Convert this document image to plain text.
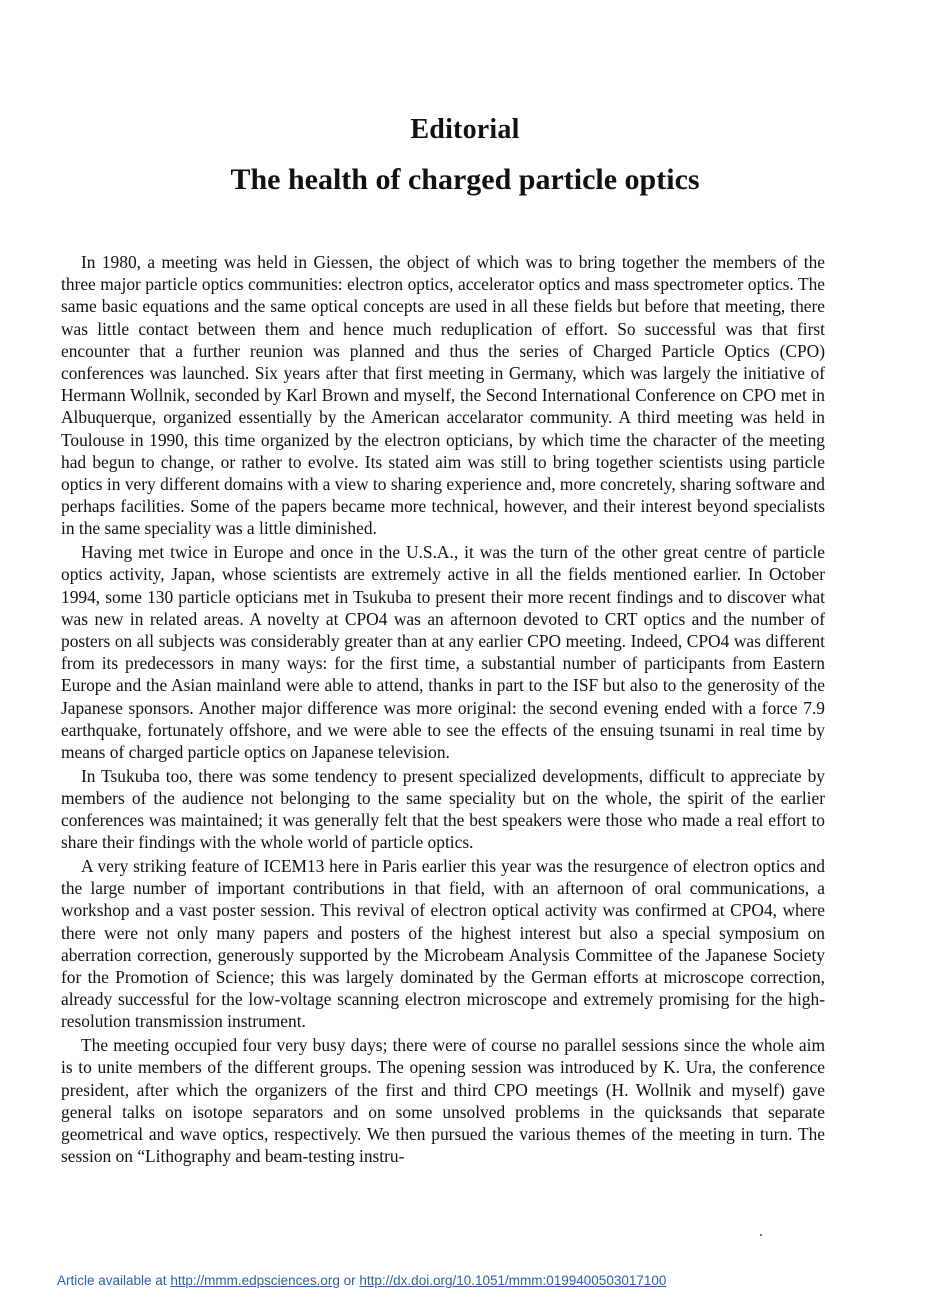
Editorial
The health of charged particle optics

In 1980, a meeting was held in Giessen, the object of which was to bring together the members of the three major particle optics communities: electron optics, accelerator optics and mass spectrometer optics. The same basic equations and the same optical concepts are used in all these fields but before that meeting, there was little contact between them and hence much reduplication of effort. So successful was that first encounter that a further reunion was planned and thus the series of Charged Particle Optics (CPO) conferences was launched. Six years after that first meeting in Germany, which was largely the initiative of Hermann Wollnik, seconded by Karl Brown and myself, the Second International Conference on CPO met in Albuquerque, organized essentially by the American accelarator community. A third meeting was held in Toulouse in 1990, this time organized by the electron opticians, by which time the character of the meeting had begun to change, or rather to evolve. Its stated aim was still to bring together scientists using particle optics in very different domains with a view to sharing experience and, more concretely, sharing software and perhaps facilities. Some of the papers became more technical, however, and their interest beyond specialists in the same speciality was a little diminished.

Having met twice in Europe and once in the U.S.A., it was the turn of the other great centre of particle optics activity, Japan, whose scientists are extremely active in all the fields mentioned earlier. In October 1994, some 130 particle opticians met in Tsukuba to present their more recent findings and to discover what was new in related areas. A novelty at CPO4 was an afternoon devoted to CRT optics and the number of posters on all subjects was considerably greater than at any earlier CPO meeting. Indeed, CPO4 was different from its predecessors in many ways: for the first time, a substantial number of participants from Eastern Europe and the Asian mainland were able to attend, thanks in part to the ISF but also to the generosity of the Japanese sponsors. Another major difference was more original: the second evening ended with a force 7.9 earthquake, fortunately offshore, and we were able to see the effects of the ensuing tsunami in real time by means of charged particle optics on Japanese television.

In Tsukuba too, there was some tendency to present specialized developments, difficult to appreciate by members of the audience not belonging to the same speciality but on the whole, the spirit of the earlier conferences was maintained; it was generally felt that the best speakers were those who made a real effort to share their findings with the whole world of particle optics.

A very striking feature of ICEM13 here in Paris earlier this year was the resurgence of electron optics and the large number of important contributions in that field, with an afternoon of oral communications, a workshop and a vast poster session. This revival of electron optical activity was confirmed at CPO4, where there were not only many papers and posters of the highest interest but also a special symposium on aberration correction, generously supported by the Microbeam Analysis Committee of the Japanese Society for the Promotion of Science; this was largely dominated by the German efforts at microscope correction, already successful for the low-voltage scanning electron microscope and extremely promising for the high-resolution transmission instrument.

The meeting occupied four very busy days; there were of course no parallel sessions since the whole aim is to unite members of the different groups. The opening session was introduced by K. Ura, the conference president, after which the organizers of the first and third CPO meetings (H. Wollnik and myself) gave general talks on isotope separators and on some unsolved problems in the quicksands that separate geometrical and wave optics, respectively. We then pursued the various themes of the meeting in turn. The session on “Lithography and beam-testing instru-

Article available at http://mmm.edpsciences.org or http://dx.doi.org/10.1051/mmm:0199400503017100
